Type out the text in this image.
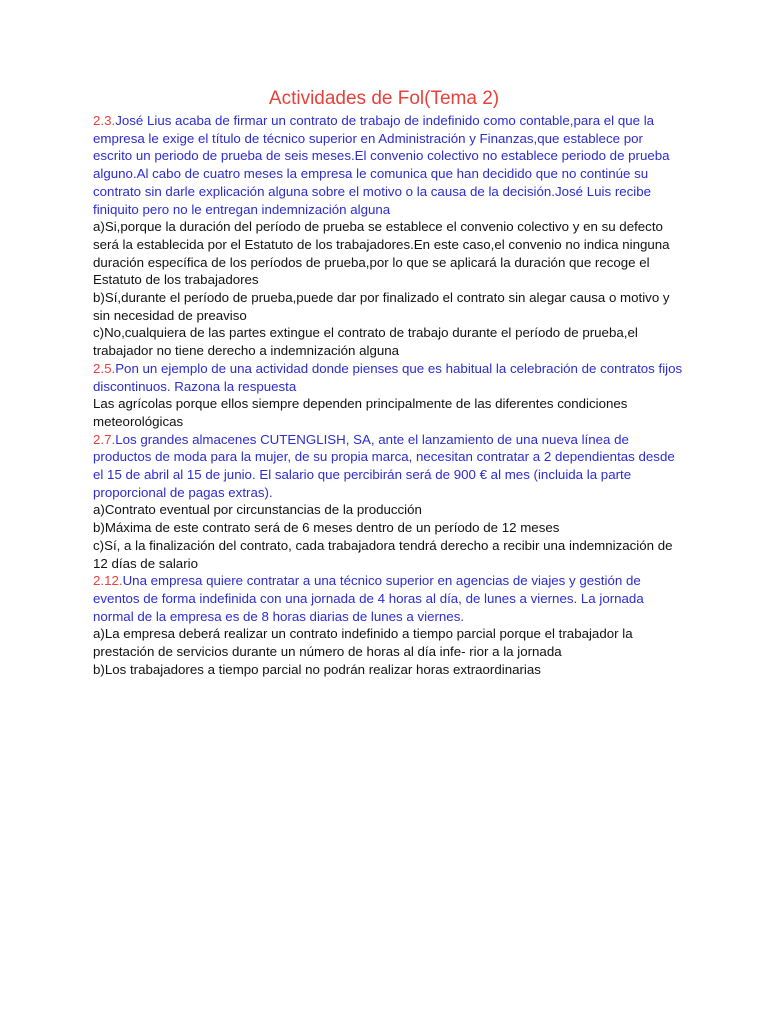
Actividades de Fol(Tema 2)

2.3.José Lius acaba de firmar un contrato de trabajo de indefinido como contable,para el que la empresa le exige el título de técnico superior en Administración y Finanzas,que establece por escrito un periodo de prueba de seis meses.El convenio colectivo no establece periodo de prueba alguno.Al cabo de cuatro meses la empresa le comunica que han decidido que no continúe su contrato sin darle explicación alguna sobre el motivo o la causa de la decisión.José Luis recibe finiquito pero no le entregan indemnización alguna

a)Si,porque la duración del período de prueba se establece el convenio colectivo y en su defecto será la establecida por el Estatuto de los trabajadores.En este caso,el convenio no indica ninguna duración específica de los períodos de prueba,por lo que se aplicará la duración que recoge el Estatuto de los trabajadores

b)Sí,durante el período de prueba,puede dar por finalizado el contrato sin alegar causa o motivo y sin necesidad de preaviso

c)No,cualquiera de las partes extingue el contrato de trabajo durante el período de prueba,el trabajador no tiene derecho a indemnización alguna

2.5.Pon un ejemplo de una actividad donde pienses que es habitual la celebración de contratos fijos discontinuos. Razona la respuesta

Las agrícolas porque ellos siempre dependen principalmente de las diferentes condiciones meteorológicas

2.7.Los grandes almacenes CUTENGLISH, SA, ante el lanzamiento de una nueva línea de productos de moda para la mujer, de su propia marca, necesitan contratar a 2 dependientas desde el 15 de abril al 15 de junio. El salario que percibirán será de 900 € al mes (incluida la parte proporcional de pagas extras).

a)Contrato eventual por circunstancias de la producción

b)Máxima de este contrato será de 6 meses dentro de un período de 12 meses

c)Sí, a la finalización del contrato, cada trabajadora tendrá derecho a recibir una indemnización de 12 días de salario

2.12.Una empresa quiere contratar a una técnico superior en agencias de viajes y gestión de eventos de forma indefinida con una jornada de 4 horas al día, de lunes a viernes. La jornada normal de la empresa es de 8 horas diarias de lunes a viernes.

a)La empresa deberá realizar un contrato indefinido a tiempo parcial porque el trabajador la prestación de servicios durante un número de horas al día infe- rior a la jornada

b)Los trabajadores a tiempo parcial no podrán realizar horas extraordinarias
